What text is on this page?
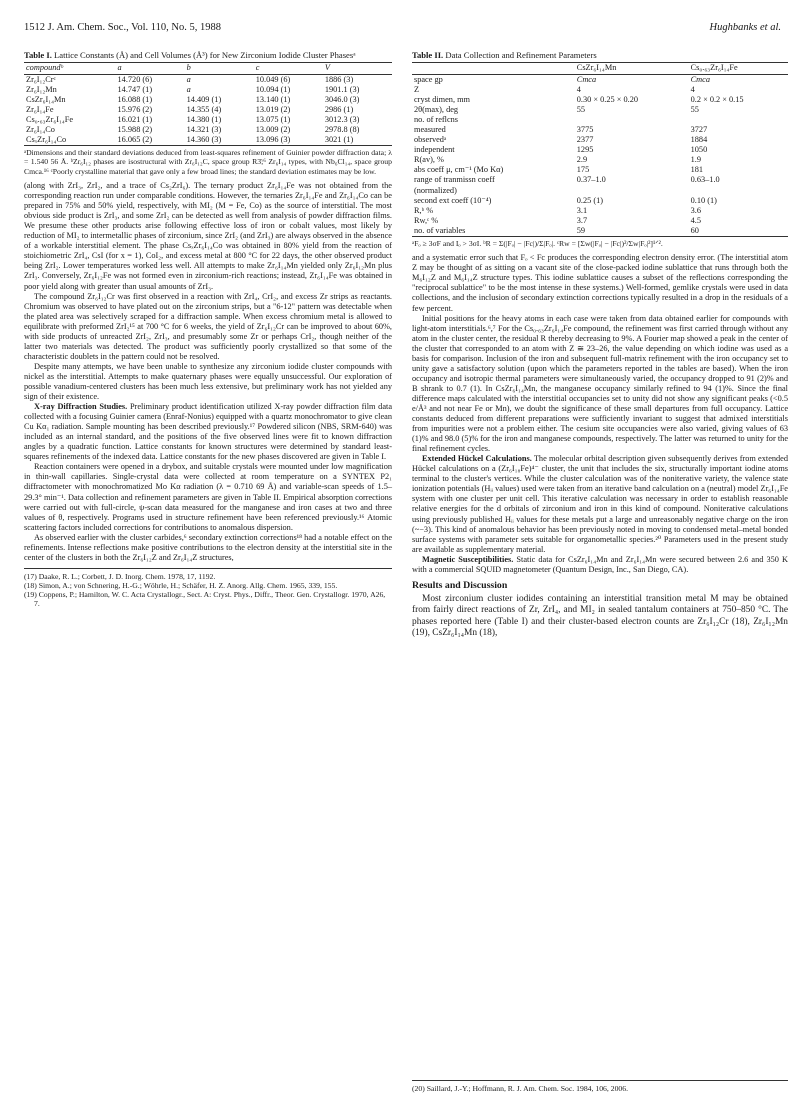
1512 J. Am. Chem. Soc., Vol. 110, No. 5, 1988	Hughbanks et al.
Table I. Lattice Constants (Å) and Cell Volumes (Å³) for New Zirconium Iodide Cluster Phasesᵃ
compoundᵇ	a	b	c	V
Zr₆I₁₂Crᶜ	14.720 (6)	a	10.049 (6)	1886 (3)
Zr₆I₁₂Mn	14.747 (1)	a	10.094 (1)	1901.1 (3)
CsZr₆I₁₄Mn	16.088 (1)	14.409 (1)	13.140 (1)	3046.0 (3)
Zr₆I₁₄Fe	15.976 (2)	14.355 (4)	13.019 (2)	2986 (1)
Cs₀.₆₃Zr₆I₁₄Fe	16.021 (1)	14.380 (1)	13.075 (1)	3012.3 (3)
Zr₆I₁₄Co	15.988 (2)	14.321 (3)	13.009 (2)	2978.8 (8)
CsₓZr₆I₁₄Co	16.065 (2)	14.360 (3)	13.096 (3)	3021 (1)
ᵃDimensions and their standard deviations deduced from least-squares refinement of Guinier powder diffraction data; λ = 1.540 56 Å. ᵇZr₆I₁₂ phases are isostructural with Zr₆I₁₂C, space group R3̄;⁶ Zr₆I₁₄ types, with Nb₆Cl₁₄, space group Cmca.¹⁶ ᶜPoorly crystalline material that gave only a few broad lines; the standard deviation estimates may be low.

(along with ZrI₃, ZrI₂, and a trace of Cs₂ZrI₆). The ternary product Zr₆I₁₄Fe was not obtained from the corresponding reaction run under comparable conditions. However, the ternaries Zr₆I₁₄Fe and Zr₆I₁₄Co can be prepared in 75% and 50% yield, respectively, with MI₂ (M = Fe, Co) as the source of interstitial. The most obvious side product is ZrI₃, and some ZrI₂ can be detected as well from analysis of powder diffraction films. We presume these other products arise following effective loss of iron or cobalt values, most likely by reduction of MI₂ to intermetallic phases of zirconium, since ZrI₂ (and ZrI₃) are always observed in the absence of a workable interstitial element. The phase CsₓZr₆I₁₄Co was obtained in 80% yield from the reaction of stoichiometric ZrI₄, CsI (for x = 1), CoI₂, and excess metal at 800 °C for 22 days, the other observed product being ZrI₂. Lower temperatures worked less well. All attempts to make Zr₆I₁₄Mn yielded only Zr₆I₁₂Mn plus ZrI₃. Conversely, Zr₆I₁₂Fe was not formed even in zirconium-rich reactions; instead, Zr₆I₁₄Fe was obtained in poor yield along with greater than usual amounts of ZrI₃.

The compound Zr₆I₁₂Cr was first observed in a reaction with ZrI₄, CrI₂, and excess Zr strips as reactants. Chromium was observed to have plated out on the zirconium strips, but a "6-12" pattern was detectable when the plated area was selectively scraped for a diffraction sample. When excess chromium metal is allowed to equilibrate with preformed ZrI₂¹⁵ at 700 °C for 6 weeks, the yield of Zr₆I₁₂Cr can be improved to about 60%, with side products of unreacted ZrI₂, ZrI₃, and presumably some Zr or perhaps CrI₂, though neither of the latter two materials was detected. The product was sufficiently poorly crystallized so that some of the characteristic doublets in the pattern could not be resolved.

Despite many attempts, we have been unable to synthesize any zirconium iodide cluster compounds with nickel as the interstitial. Attempts to make quaternary phases were equally unsuccessful. Our exploration of possible vanadium-centered clusters has been much less extensive, but preliminary work has not yielded any sign of their existence.

X-ray Diffraction Studies. Preliminary product identification utilized X-ray powder diffraction film data collected with a focusing Guinier camera (Enraf-Nonius) equipped with a quartz monochromator to give clean Cu Kα₁ radiation. Sample mounting has been described previously.¹⁷ Powdered silicon (NBS, SRM-640) was included as an internal standard, and the positions of the five observed lines were fit to known diffraction angles by a quadratic function. Lattice constants for known structures were determined by standard least-squares refinements of the indexed data. Lattice constants for the new phases discovered are given in Table I.

Reaction containers were opened in a drybox, and suitable crystals were mounted under low magnification in thin-wall capillaries. Single-crystal data were collected at room temperature on a SYNTEX P2₁ diffractometer with monochromatized Mo Kα radiation (λ = 0.710 69 Å) and variable-scan speeds of 1.5–29.3° min⁻¹. Data collection and refinement parameters are given in Table II. Empirical absorption corrections were carried out with full-circle, ψ-scan data measured for the manganese and iron cases at two and three values of θ, respectively. Programs used in structure refinement have been referenced previously.¹⁶ Atomic scattering factors included corrections for contributions to anomalous dispersion.

As observed earlier with the cluster carbides,⁶ secondary extinction corrections¹⁸ had a notable effect on the refinements. Intense reflections make positive contributions to the electron density at the interstitial site in the center of the clusters in both the Zr₆I₁₂Z and Zr₆I₁₄Z structures,

(17) Daake, R. L.; Corbett, J. D. Inorg. Chem. 1978, 17, 1192.
(18) Simon, A.; von Schnering, H.-G.; Wöhrle, H.; Schäfer, H. Z. Anorg. Allg. Chem. 1965, 339, 155.
(19) Coppens, P.; Hamilton, W. C. Acta Crystallogr., Sect. A: Cryst. Phys., Diffr., Theor. Gen. Crystallogr. 1970, A26, 7.
Table II. Data Collection and Refinement Parameters
	CsZr₆I₁₄Mn	Cs₀.₆₃Zr₆I₁₄Fe
space gp	Cmca	Cmca
Z	4	4
cryst dimen, mm	0.30 × 0.25 × 0.20	0.2 × 0.2 × 0.15
2θ(max), deg	55	55
no. of reflcns		
measured	3775	3727
observedᵃ	2377	1884
independent	1295	1050
R(av), %	2.9	1.9
abs coeff μ, cm⁻¹ (Mo Kα)	175	181
range of tranmissn coeff	0.37–1.0	0.63–1.0
(normalized)		
second ext coeff (10⁻⁴)	0.25 (1)	0.10 (1)
R,ᵇ %	3.1	3.6
Rw,ᶜ %	3.7	4.5
no. of variables	59	60
ᵃFₒ ≥ 3σF and Iₒ > 3σI. ᵇR = Σ(|Fₒ| − |Fc|)/Σ|Fₒ|. ᶜRw = [Σw(|Fₒ| − |Fc|)²/Σw|Fₒ|²]¹ᐟ².

and a systematic error such that Fₒ < Fc produces the corresponding electron density error. (The interstitial atom Z may be thought of as sitting on a vacant site of the close-packed iodine sublattice that runs through both the M₆I₁₂Z and M₆I₁₄Z structure types. This iodine sublattice causes a subset of the reflections corresponding the "reciprocal sublattice" to be the most intense in these systems.) Well-formed, gemlike crystals were used in data collections, and the inclusion of secondary extinction corrections typically resulted in a drop in the residuals of a few percent.

Initial positions for the heavy atoms in each case were taken from data obtained earlier for compounds with light-atom interstitials.⁶,⁷ For the Cs₀.₆₃Zr₆I₁₄Fe compound, the refinement was first carried through without any atom in the cluster center, the residual R thereby decreasing to 9%. A Fourier map showed a peak in the center of the cluster that corresponded to an atom with Z ≅ 23–26, the value depending on which iodine was used as a basis for comparison. Inclusion of the iron and subsequent full-matrix refinement with the iron occupancy set to unity gave a satisfactory solution (upon which the parameters reported in the tables are based). When the iron occupancy and isotropic thermal parameters were simultaneously varied, the occupancy dropped to 91 (2)% and B shrank to 0.7 (1). In CsZr₆I₁₄Mn, the manganese occupancy similarly refined to 94 (1)%. Since the final difference maps calculated with the interstitial occupancies set to unity did not show any significant peaks (<0.5 e/Å³ and not near Fe or Mn), we doubt the significance of these small departures from full occupancy. Lattice constants deduced from different preparations were sufficiently invariant to suggest that admixed interstitials from impurities were not a problem either. The cesium site occupancies were also varied, giving values of 63 (1)% and 98.0 (5)% for the iron and manganese compounds, respectively. The latter was returned to unity for the final refinement cycles.

Extended Hückel Calculations. The molecular orbital description given subsequently derives from extended Hückel calculations on a (Zr₆I₁₈Fe)⁴⁻ cluster, the unit that includes the six, structurally important iodine atoms terminal to the cluster's vertices. While the cluster calculation was of the noniterative variety, the valence state ionization potentials (Hᵢᵢ values) used were taken from an iterative band calculation on a (neutral) model Zr₆I₁₄Fe system with one cluster per unit cell. This iterative calculation was necessary in order to establish reasonable relative energies for the d orbitals of zirconium and iron in this kind of compound. Noniterative calculations using previously published Hᵢᵢ values for these metals put a large and unreasonably negative charge on the iron (~−3). This kind of anomalous behavior has been previously noted in moving to condensed metal–metal bonded surface systems with parameter sets suitable for organometallic species.²⁰ Parameters used in the present study are available as supplementary material.

Magnetic Susceptibilities. Static data for CsZr₆I₁₄Mn and Zr₆I₁₄Mn were secured between 2.6 and 350 K with a commercial SQUID magnetometer (Quantum Design, Inc., San Diego, CA).

Results and Discussion

Most zirconium cluster iodides containing an interstitial transition metal M may be obtained from fairly direct reactions of Zr, ZrI₄, and MI₂ in sealed tantalum containers at 750–850 °C. The phases reported here (Table I) and their cluster-based electron counts are Zr₆I₁₂Cr (18), Zr₆I₁₂Mn (19), CsZr₆I₁₄Mn (18),

(20) Saillard, J.-Y.; Hoffmann, R. J. Am. Chem. Soc. 1984, 106, 2006.
